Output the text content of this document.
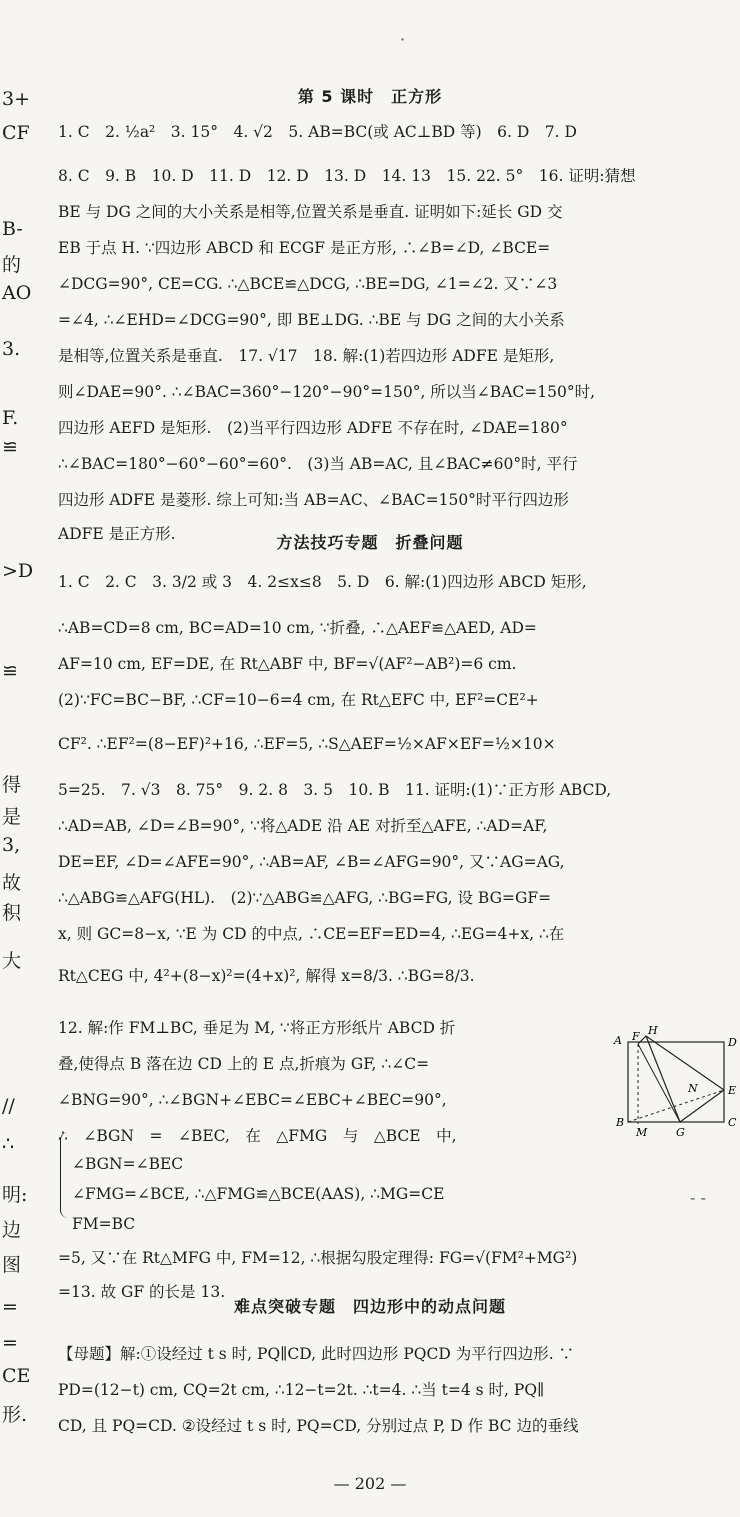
3+
CF
B-
的
AO
3.
F.
≌
>D
≌
得
是
3,
故
积
大
//
∴
明:
边
图
=
=
CE
形.
A F H
D
N	E
B
M	G
C
— 202 —
第 5 课时　正方形
方法技巧专题　折叠问题
难点突破专题　四边形中的动点问题
1. C　2. ½a²　3. 15°　4. √2　5. AB=BC(或 AC⊥BD 等)　6. D　7. D
8. C　9. B　10. D　11. D　12. D　13. D　14. 13　15. 22. 5°　16. 证明:猜想
BE 与 DG 之间的大小关系是相等,位置关系是垂直. 证明如下:延长 GD 交
EB 于点 H. ∵四边形 ABCD 和 ECGF 是正方形, ∴∠B=∠D, ∠BCE=
∠DCG=90°, CE=CG. ∴△BCE≌△DCG, ∴BE=DG, ∠1=∠2. 又∵∠3
=∠4, ∴∠EHD=∠DCG=90°, 即 BE⊥DG. ∴BE 与 DG 之间的大小关系
是相等,位置关系是垂直.　17. √17　18. 解:(1)若四边形 ADFE 是矩形,
则∠DAE=90°. ∴∠BAC=360°−120°−90°=150°, 所以当∠BAC=150°时,
四边形 AEFD 是矩形.　(2)当平行四边形 ADFE 不存在时, ∠DAE=180°
∴∠BAC=180°−60°−60°=60°.　(3)当 AB=AC, 且∠BAC≠60°时, 平行
四边形 ADFE 是菱形. 综上可知:当 AB=AC、∠BAC=150°时平行四边形
ADFE 是正方形.
1. C　2. C　3. 3/2 或 3　4. 2≤x≤8　5. D　6. 解:(1)四边形 ABCD 矩形,
∴AB=CD=8 cm, BC=AD=10 cm, ∵折叠, ∴△AEF≌△AED, AD=
AF=10 cm, EF=DE, 在 Rt△ABF 中, BF=√(AF²−AB²)=6 cm.
(2)∵FC=BC−BF, ∴CF=10−6=4 cm, 在 Rt△EFC 中, EF²=CE²+
CF². ∴EF²=(8−EF)²+16, ∴EF=5, ∴S△AEF=½×AF×EF=½×10×
5=25.　7. √3　8. 75°　9. 2. 8　3. 5　10. B　11. 证明:(1)∵正方形 ABCD,
∴AD=AB, ∠D=∠B=90°, ∵将△ADE 沿 AE 对折至△AFE, ∴AD=AF,
DE=EF, ∠D=∠AFE=90°, ∴AB=AF, ∠B=∠AFG=90°, 又∵AG=AG,
∴△ABG≌△AFG(HL).　(2)∵△ABG≌△AFG, ∴BG=FG, 设 BG=GF=
x, 则 GC=8−x, ∵E 为 CD 的中点, ∴CE=EF=ED=4, ∴EG=4+x, ∴在
Rt△CEG 中, 4²+(8−x)²=(4+x)², 解得 x=8/3. ∴BG=8/3.
12. 解:作 FM⊥BC, 垂足为 M, ∵将正方形纸片 ABCD 折
叠,使得点 B 落在边 CD 上的 E 点,折痕为 GF, ∴∠C=
∠BNG=90°, ∴∠BGN+∠EBC=∠EBC+∠BEC=90°,
∴　∠BGN　=　∠BEC,　在　△FMG　与　△BCE　中,
∠BGN=∠BEC
∠FMG=∠BCE, ∴△FMG≌△BCE(AAS), ∴MG=CE
FM=BC
=5, 又∵在 Rt△MFG 中, FM=12, ∴根据勾股定理得: FG=√(FM²+MG²)
=13. 故 GF 的长是 13.
【母题】解:①设经过 t s 时, PQ∥CD, 此时四边形 PQCD 为平行四边形. ∵
PD=(12−t) cm, CQ=2t cm, ∴12−t=2t. ∴t=4. ∴当 t=4 s 时, PQ∥
CD, 且 PQ=CD. ②设经过 t s 时, PQ=CD, 分别过点 P, D 作 BC 边的垂线
·
- -
